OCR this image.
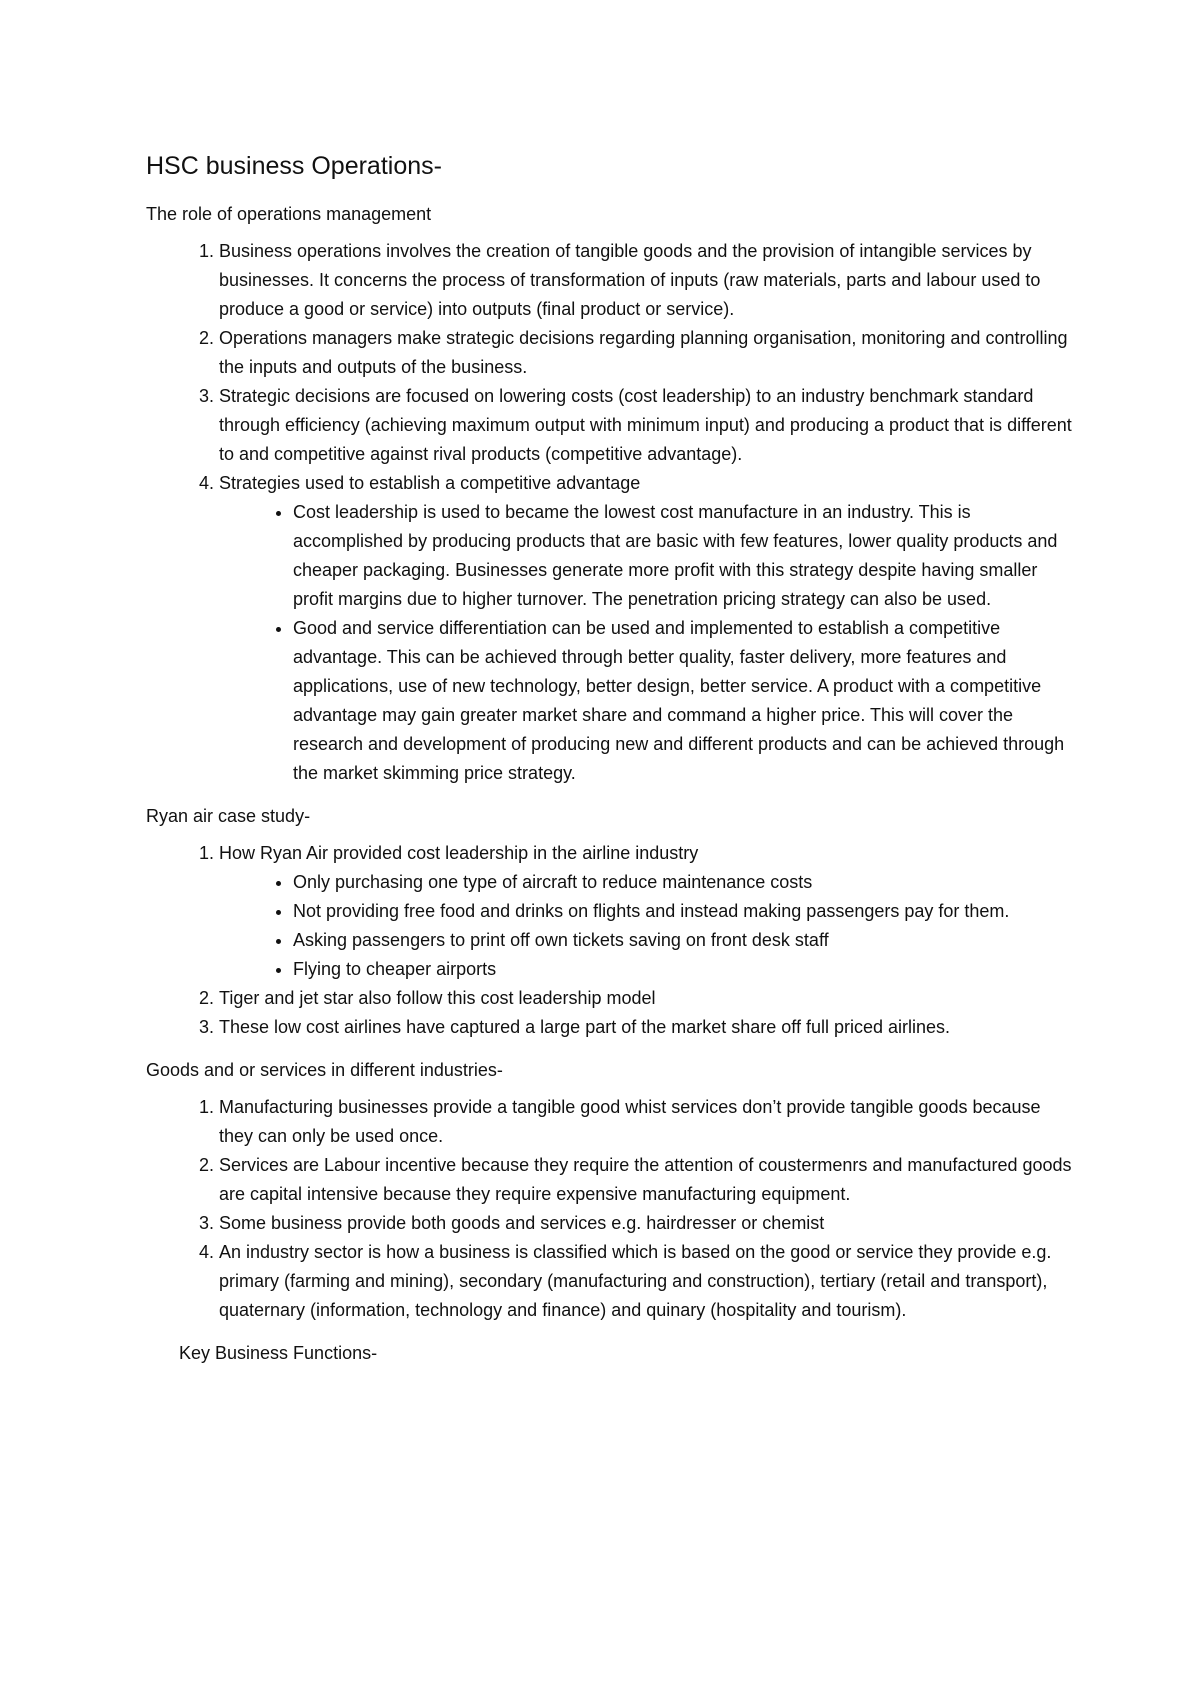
HSC business Operations-

The role of operations management

1. Business operations involves the creation of tangible goods and the provision of intangible services by businesses. It concerns the process of transformation of inputs (raw materials, parts and labour used to produce a good or service) into outputs (final product or service).
2. Operations managers make strategic decisions regarding planning organisation, monitoring and controlling the inputs and outputs of the business.
3. Strategic decisions are focused on lowering costs (cost leadership) to an industry benchmark standard through efficiency (achieving maximum output with minimum input) and producing a product that is different to and competitive against rival products (competitive advantage).
4. Strategies used to establish a competitive advantage
• Cost leadership is used to became the lowest cost manufacture in an industry. This is accomplished by producing products that are basic with few features, lower quality products and cheaper packaging. Businesses generate more profit with this strategy despite having smaller profit margins due to higher turnover. The penetration pricing strategy can also be used.
• Good and service differentiation can be used and implemented to establish a competitive advantage. This can be achieved through better quality, faster delivery, more features and applications, use of new technology, better design, better service. A product with a competitive advantage may gain greater market share and command a higher price. This will cover the research and development of producing new and different products and can be achieved through the market skimming price strategy.

Ryan air case study-

1. How Ryan Air provided cost leadership in the airline industry
• Only purchasing one type of aircraft to reduce maintenance costs
• Not providing free food and drinks on flights and instead making passengers pay for them.
• Asking passengers to print off own tickets saving on front desk staff
• Flying to cheaper airports
2. Tiger and jet star also follow this cost leadership model
3. These low cost airlines have captured a large part of the market share off full priced airlines.

Goods and or services in different industries-

1. Manufacturing businesses provide a tangible good whist services don’t provide tangible goods because they can only be used once.
2. Services are Labour incentive because they require the attention of coustermenrs and manufactured goods are capital intensive because they require expensive manufacturing equipment.
3. Some business provide both goods and services e.g. hairdresser or chemist
4. An industry sector is how a business is classified which is based on the good or service they provide e.g. primary (farming and mining), secondary (manufacturing and construction), tertiary (retail and transport), quaternary (information, technology and finance) and quinary (hospitality and tourism).

Key Business Functions-
